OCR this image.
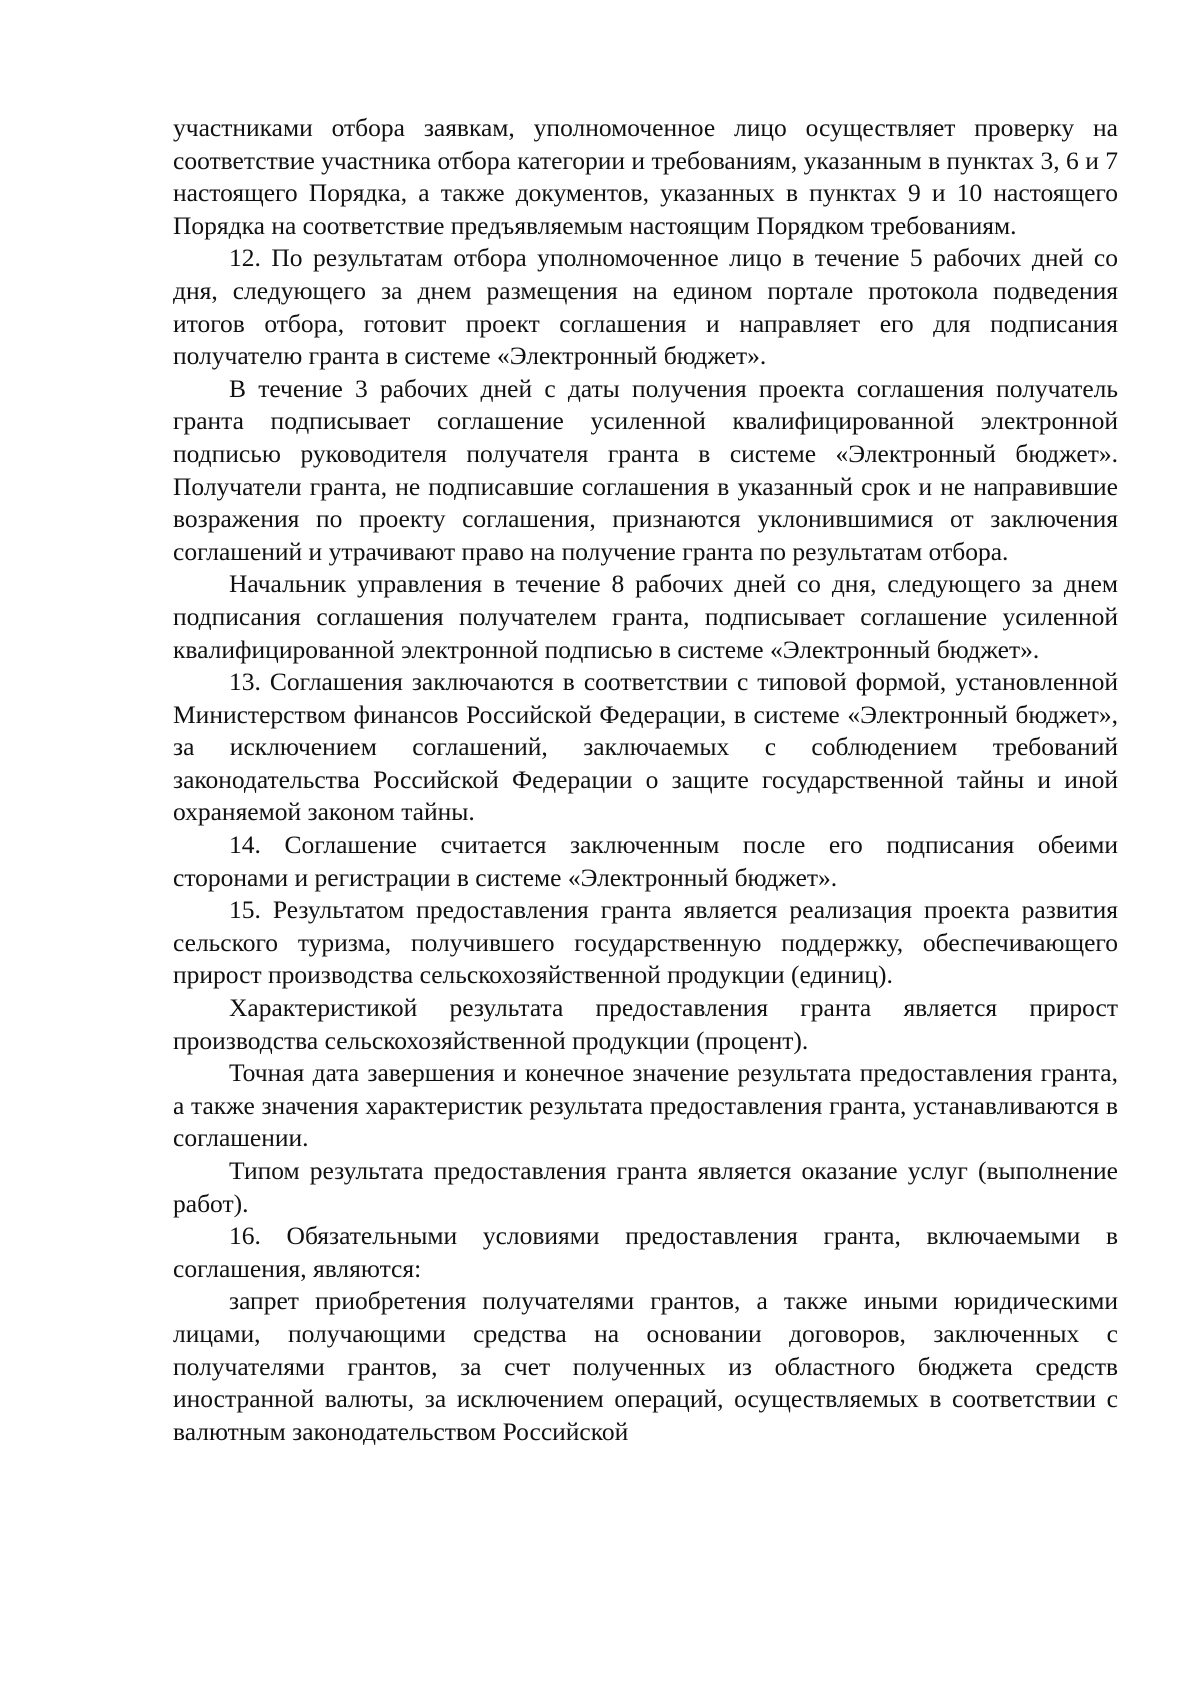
участниками отбора заявкам, уполномоченное лицо осуществляет проверку на соответствие участника отбора категории и требованиям, указанным в пунктах 3, 6 и 7 настоящего Порядка, а также документов, указанных в пунктах 9 и 10 настоящего Порядка на соответствие предъявляемым настоящим Порядком требованиям.

12. По результатам отбора уполномоченное лицо в течение 5 рабочих дней со дня, следующего за днем размещения на едином портале протокола подведения итогов отбора, готовит проект соглашения и направляет его для подписания получателю гранта в системе «Электронный бюджет».

В течение 3 рабочих дней с даты получения проекта соглашения получатель гранта подписывает соглашение усиленной квалифицированной электронной подписью руководителя получателя гранта в системе «Электронный бюджет». Получатели гранта, не подписавшие соглашения в указанный срок и не направившие возражения по проекту соглашения, признаются уклонившимися от заключения соглашений и утрачивают право на получение гранта по результатам отбора.

Начальник управления в течение 8 рабочих дней со дня, следующего за днем подписания соглашения получателем гранта, подписывает соглашение усиленной квалифицированной электронной подписью в системе «Электронный бюджет».

13. Соглашения заключаются в соответствии с типовой формой, установленной Министерством финансов Российской Федерации, в системе «Электронный бюджет», за исключением соглашений, заключаемых с соблюдением требований законодательства Российской Федерации о защите государственной тайны и иной охраняемой законом тайны.

14. Соглашение считается заключенным после его подписания обеими сторонами и регистрации в системе «Электронный бюджет».

15. Результатом предоставления гранта является реализация проекта развития сельского туризма, получившего государственную поддержку, обеспечивающего прирост производства сельскохозяйственной продукции (единиц).

Характеристикой результата предоставления гранта является прирост производства сельскохозяйственной продукции (процент).

Точная дата завершения и конечное значение результата предоставления гранта, а также значения характеристик результата предоставления гранта, устанавливаются в соглашении.

Типом результата предоставления гранта является оказание услуг (выполнение работ).

16. Обязательными условиями предоставления гранта, включаемыми в соглашения, являются:

запрет приобретения получателями грантов, а также иными юридическими лицами, получающими средства на основании договоров, заключенных с получателями грантов, за счет полученных из областного бюджета средств иностранной валюты, за исключением операций, осуществляемых в соответствии с валютным законодательством Российской
